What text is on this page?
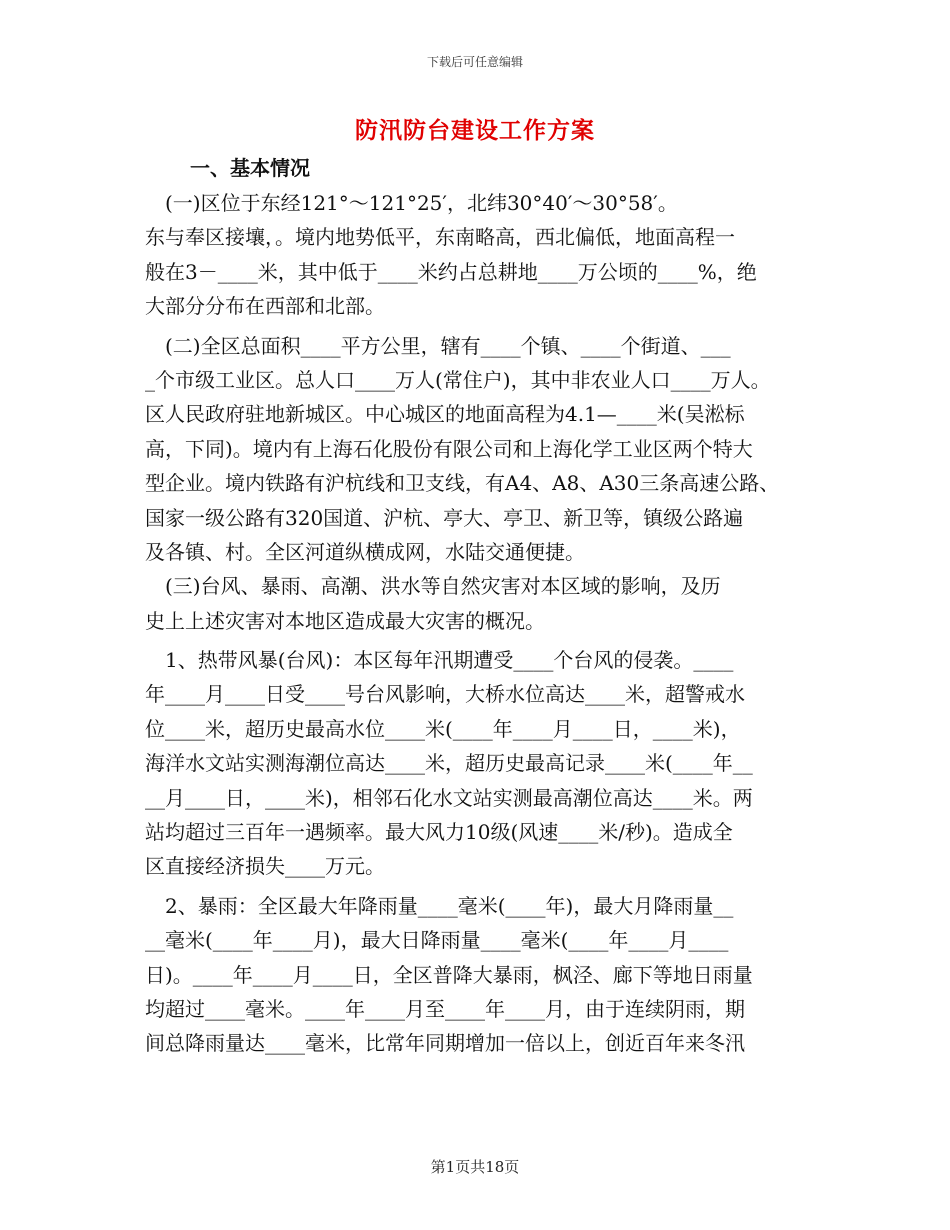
下载后可任意编辑
防汛防台建设工作方案
一、基本情况
　(一)区位于东经121°～121°25′，北纬30°40′～30°58′。
东与奉区接壤，。境内地势低平，东南略高，西北偏低，地面高程一
般在3－____米，其中低于____米约占总耕地____万公顷的____%，绝
大部分分布在西部和北部。
　(二)全区总面积____平方公里，辖有____个镇、____个街道、___
_个市级工业区。总人口____万人(常住户)，其中非农业人口____万人。
区人民政府驻地新城区。中心城区的地面高程为4.1—____米(吴淞标
高，下同)。境内有上海石化股份有限公司和上海化学工业区两个特大
型企业。境内铁路有沪杭线和卫支线，有A4、A8、A30三条高速公路、
国家一级公路有320国道、沪杭、亭大、亭卫、新卫等，镇级公路遍
及各镇、村。全区河道纵横成网，水陆交通便捷。
　(三)台风、暴雨、高潮、洪水等自然灾害对本区域的影响，及历
史上上述灾害对本地区造成最大灾害的概况。
　1、热带风暴(台风)：本区每年汛期遭受____个台风的侵袭。____
年____月____日受____号台风影响，大桥水位高达____米，超警戒水
位____米，超历史最高水位____米(____年____月____日，____米)，
海洋水文站实测海潮位高达____米，超历史最高记录____米(____年__
__月____日，____米)，相邻石化水文站实测最高潮位高达____米。两
站均超过三百年一遇频率。最大风力10级(风速____米/秒)。造成全
区直接经济损失____万元。
　2、暴雨：全区最大年降雨量____毫米(____年)，最大月降雨量__
__毫米(____年____月)，最大日降雨量____毫米(____年____月____
日)。____年____月____日，全区普降大暴雨，枫泾、廊下等地日雨量
均超过____毫米。____年____月至____年____月，由于连续阴雨，期
间总降雨量达____毫米，比常年同期增加一倍以上，创近百年来冬汛
第1页共18页
